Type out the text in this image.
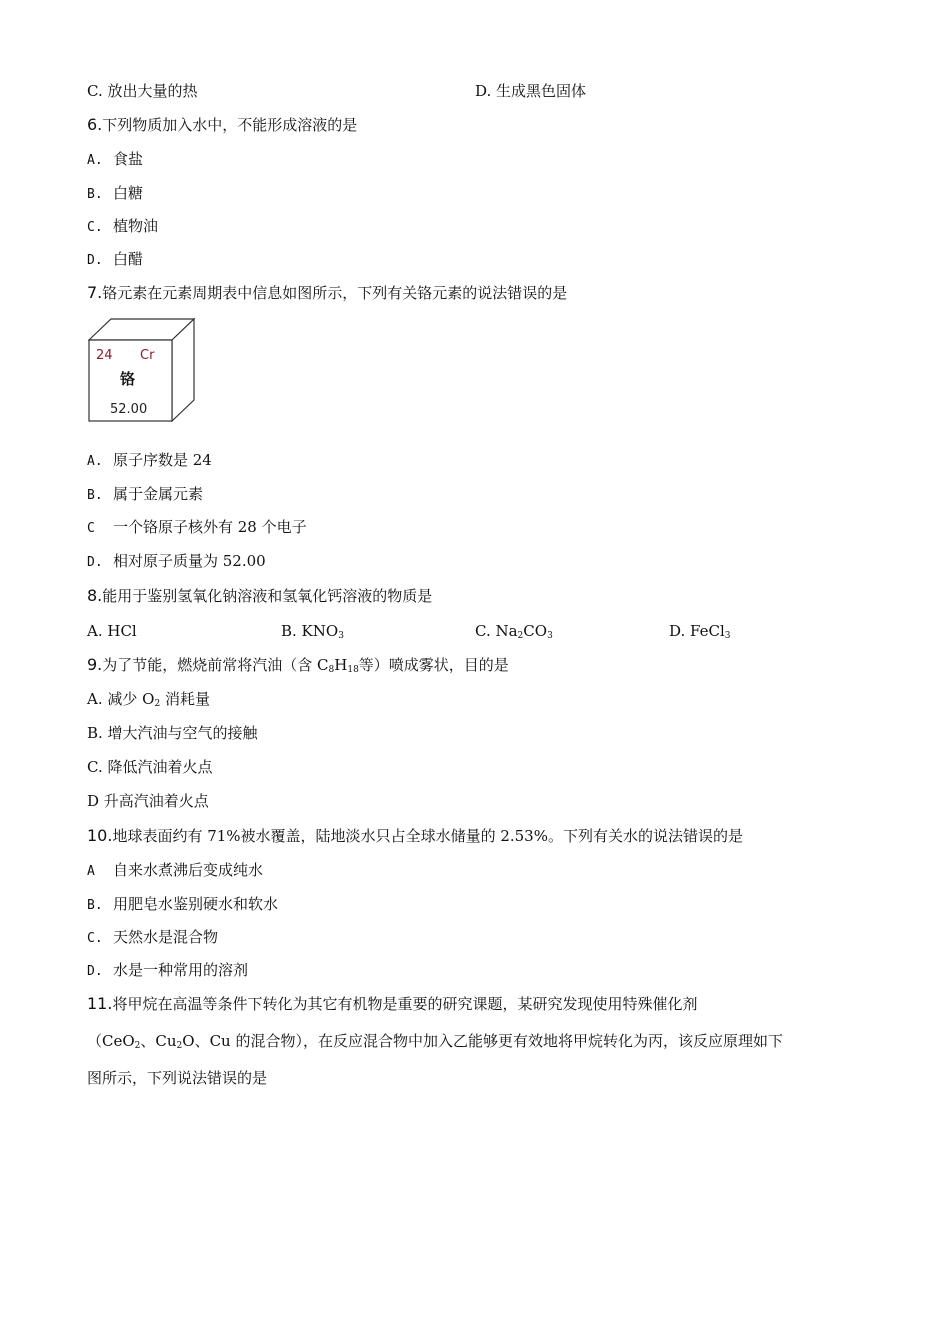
C. 放出大量的热	D. 生成黑色固体
6.下列物质加入水中，不能形成溶液的是
A. 食盐
B. 白糖
C. 植物油
D. 白醋
7.铬元素在元素周期表中信息如图所示，下列有关铬元素的说法错误的是
24 Cr
铬
52.00
A. 原子序数是 24
B. 属于金属元素
C 一个铬原子核外有 28 个电子
D. 相对原子质量为 52.00
8.能用于鉴别氢氧化钠溶液和氢氧化钙溶液的物质是
A. HCl	B. $KNO_3$	C. $Na_2CO_3$	D. FeCl$_3$
9.为了节能，燃烧前常将汽油（含 $C_8H_{18}$等）喷成雾状，目的是
A. 减少 $O_2$ 消耗量
B. 增大汽油与空气的接触
C. 降低汽油着火点
D 升高汽油着火点
10.地球表面约有 71%被水覆盖，陆地淡水只占全球水储量的 2.53%。下列有关水的说法错误的是
A 自来水煮沸后变成纯水
B. 用肥皂水鉴别硬水和软水
C. 天然水是混合物
D. 水是一种常用的溶剂
11.将甲烷在高温等条件下转化为其它有机物是重要的研究课题，某研究发现使用特殊催化剂
（CeO$_2$、$Cu_2O$、Cu 的混合物），在反应混合物中加入乙能够更有效地将甲烷转化为丙，该反应原理如下
图所示，下列说法错误的是
